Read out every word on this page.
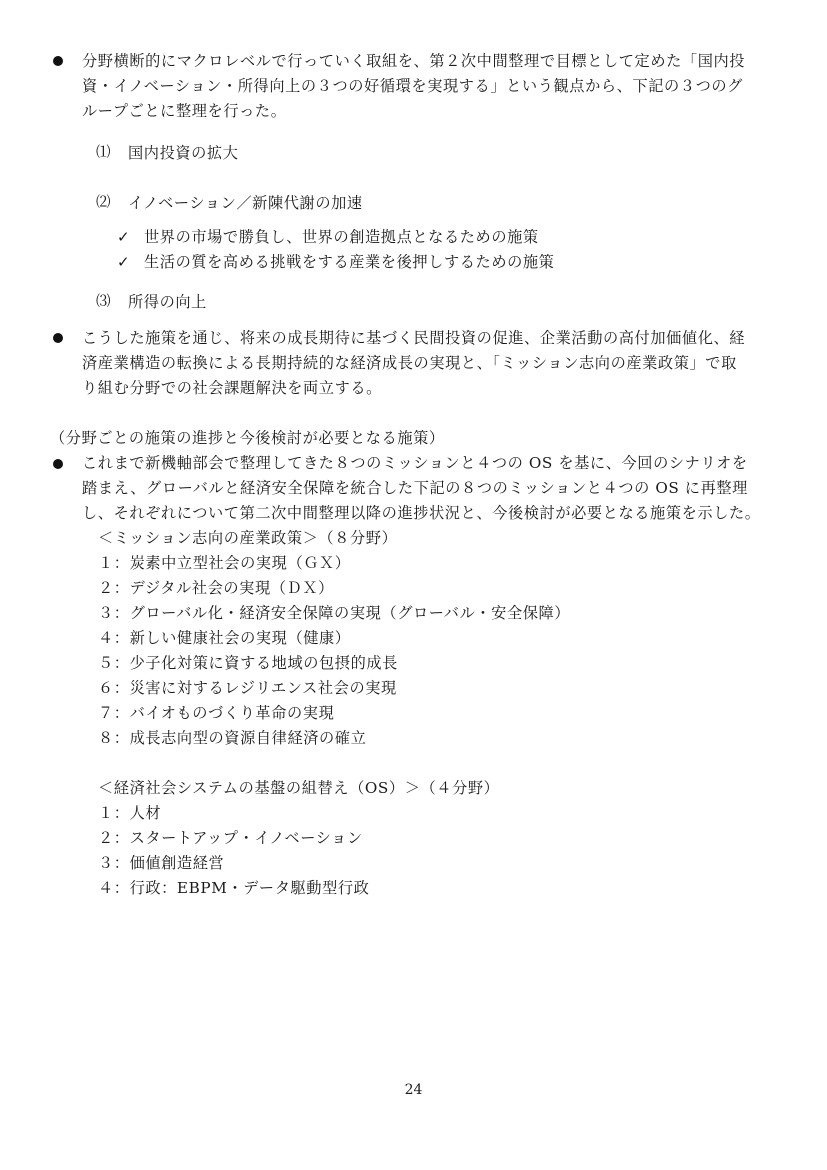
分野横断的にマクロレベルで行っていく取組を、第２次中間整理で目標として定めた「国内投
資・イノベーション・所得向上の３つの好循環を実現する」という観点から、下記の３つのグ
ループごとに整理を行った。
⑴ 国内投資の拡大
⑵ イノベーション／新陳代謝の加速
✓ 世界の市場で勝負し、世界の創造拠点となるための施策
✓ 生活の質を高める挑戦をする産業を後押しするための施策
⑶ 所得の向上
こうした施策を通じ、将来の成長期待に基づく民間投資の促進、企業活動の高付加価値化、経
済産業構造の転換による長期持続的な経済成長の実現と、「ミッション志向の産業政策」で取
り組む分野での社会課題解決を両立する。
（分野ごとの施策の進捗と今後検討が必要となる施策）
これまで新機軸部会で整理してきた８つのミッションと４つの OS を基に、今回のシナリオを
踏まえ、グローバルと経済安全保障を統合した下記の８つのミッションと４つの OS に再整理
し、それぞれについて第二次中間整理以降の進捗状況と、今後検討が必要となる施策を示した。
＜ミッション志向の産業政策＞（８分野）
１：炭素中立型社会の実現（ＧＸ）
２：デジタル社会の実現（ＤＸ）
３：グローバル化・経済安全保障の実現（グローバル・安全保障）
４：新しい健康社会の実現（健康）
５：少子化対策に資する地域の包摂的成長
６：災害に対するレジリエンス社会の実現
７：バイオものづくり革命の実現
８：成長志向型の資源自律経済の確立
＜経済社会システムの基盤の組替え（OS）＞（４分野）
１：人材
２：スタートアップ・イノベーション
３：価値創造経営
４：行政：EBPM・データ駆動型行政
24
